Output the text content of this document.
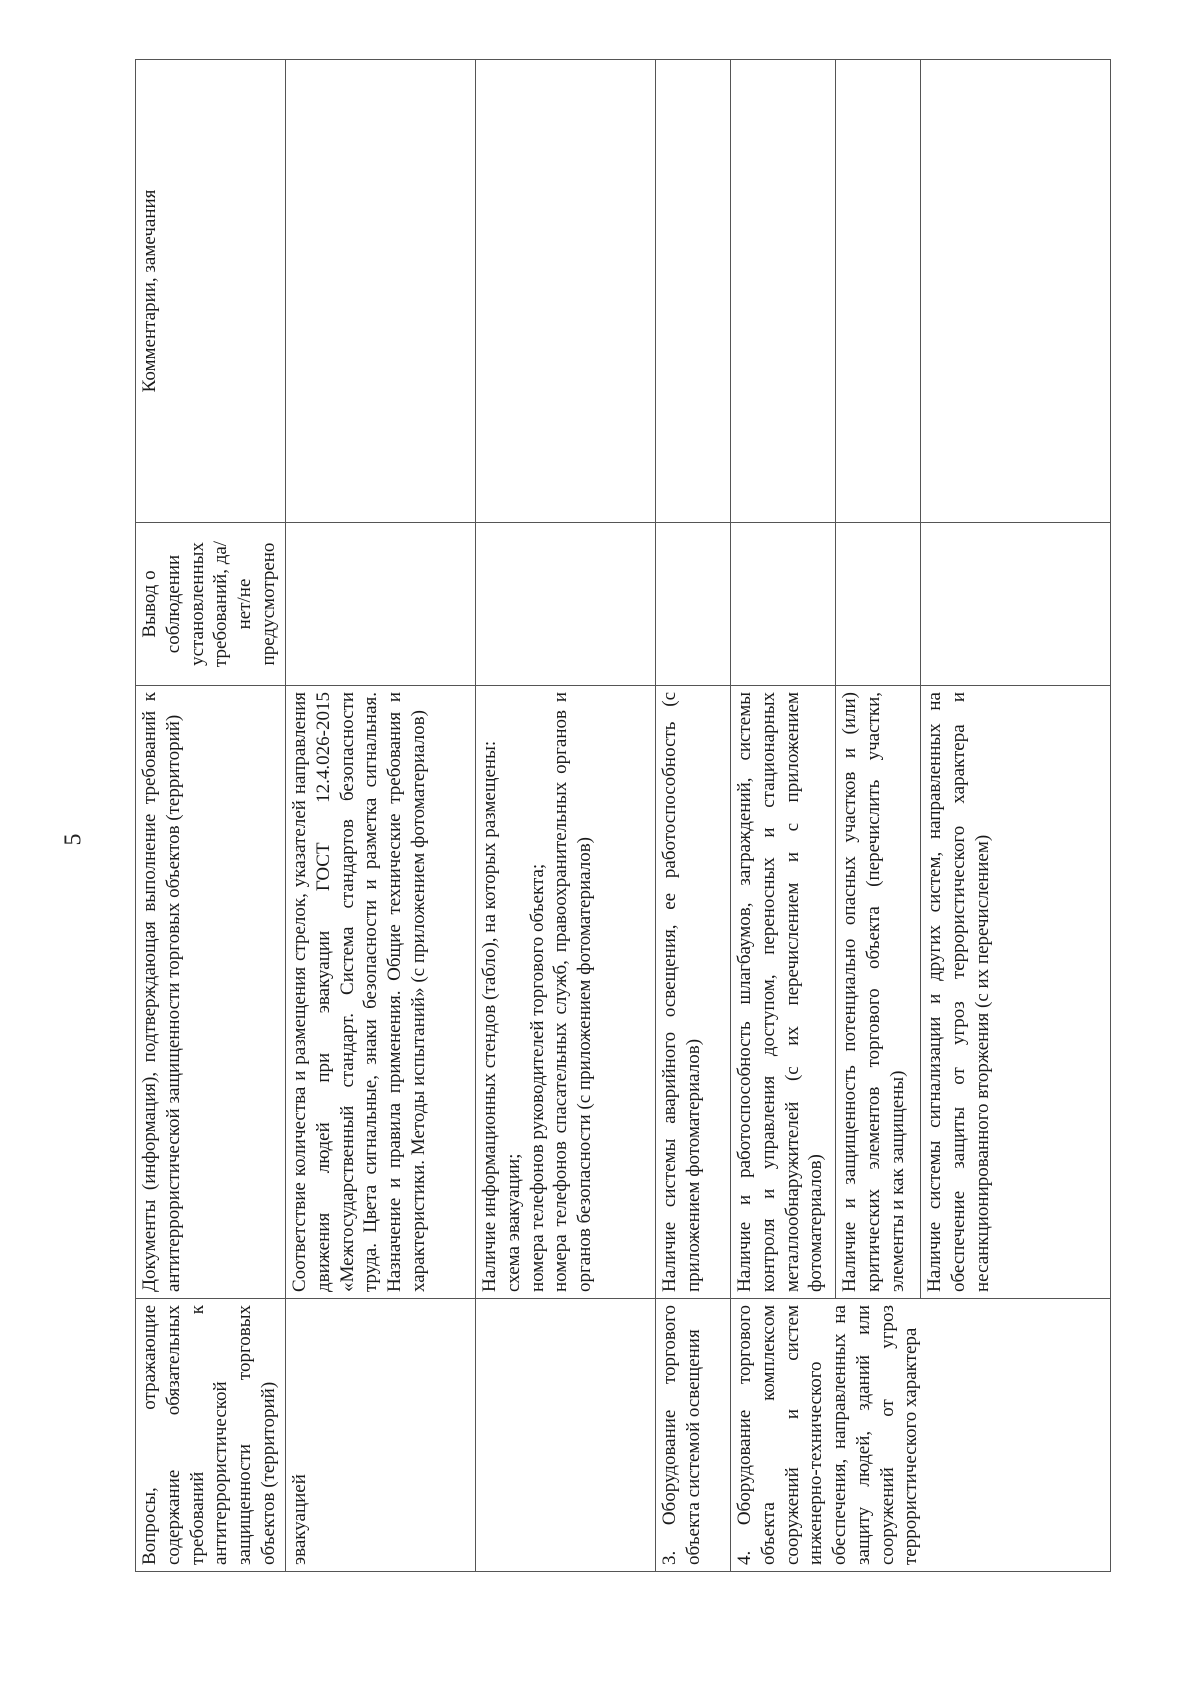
5
Вопросы, отражающие содержание обязательных требований к антитеррористической защищенности торговых объектов (территорий)	Документы (информация), подтверждающая выполнение требований к антитеррористической защищенности торговых объектов (территорий)	Вывод о соблюдении установленных требований, да/нет/не предусмотрено	Комментарии, замечания
эвакуацией	Соответствие количества и размещения стрелок, указателей направления движения людей при эвакуации ГОСТ 12.4.026-2015 «Межгосударственный стандарт. Система стандартов безопасности труда. Цвета сигнальные, знаки безопасности и разметка сигнальная. Назначение и правила применения. Общие технические требования и характеристики. Методы испытаний» (с приложением фотоматериалов)		

	Наличие информационных стендов (табло), на которых размещены: схема эвакуации; номера телефонов руководителей торгового объекта; номера телефонов спасательных служб, правоохранительных органов и органов безопасности (с приложением фотоматериалов)		

3. Оборудование торгового объекта системой освещения	Наличие системы аварийного освещения, ее работоспособность (с приложением фотоматериалов)		
4. Оборудование торгового объекта комплексом сооружений и систем инженерно-технического обеспечения, направленных на защиту людей, зданий или сооружений от угроз террористического характера	Наличие и работоспособность шлагбаумов, заграждений, системы контроля и управления доступом, переносных и стационарных металлообнаружителей (с их перечислением и с приложением фотоматериалов)		
	Наличие и защищенность потенциально опасных участков и (или) критических элементов торгового объекта (перечислить участки, элементы и как защищены)		
	Наличие системы сигнализации и других систем, направленных на обеспечение защиты от угроз террористического характера и несанкционированного вторжения (с их перечислением)		
